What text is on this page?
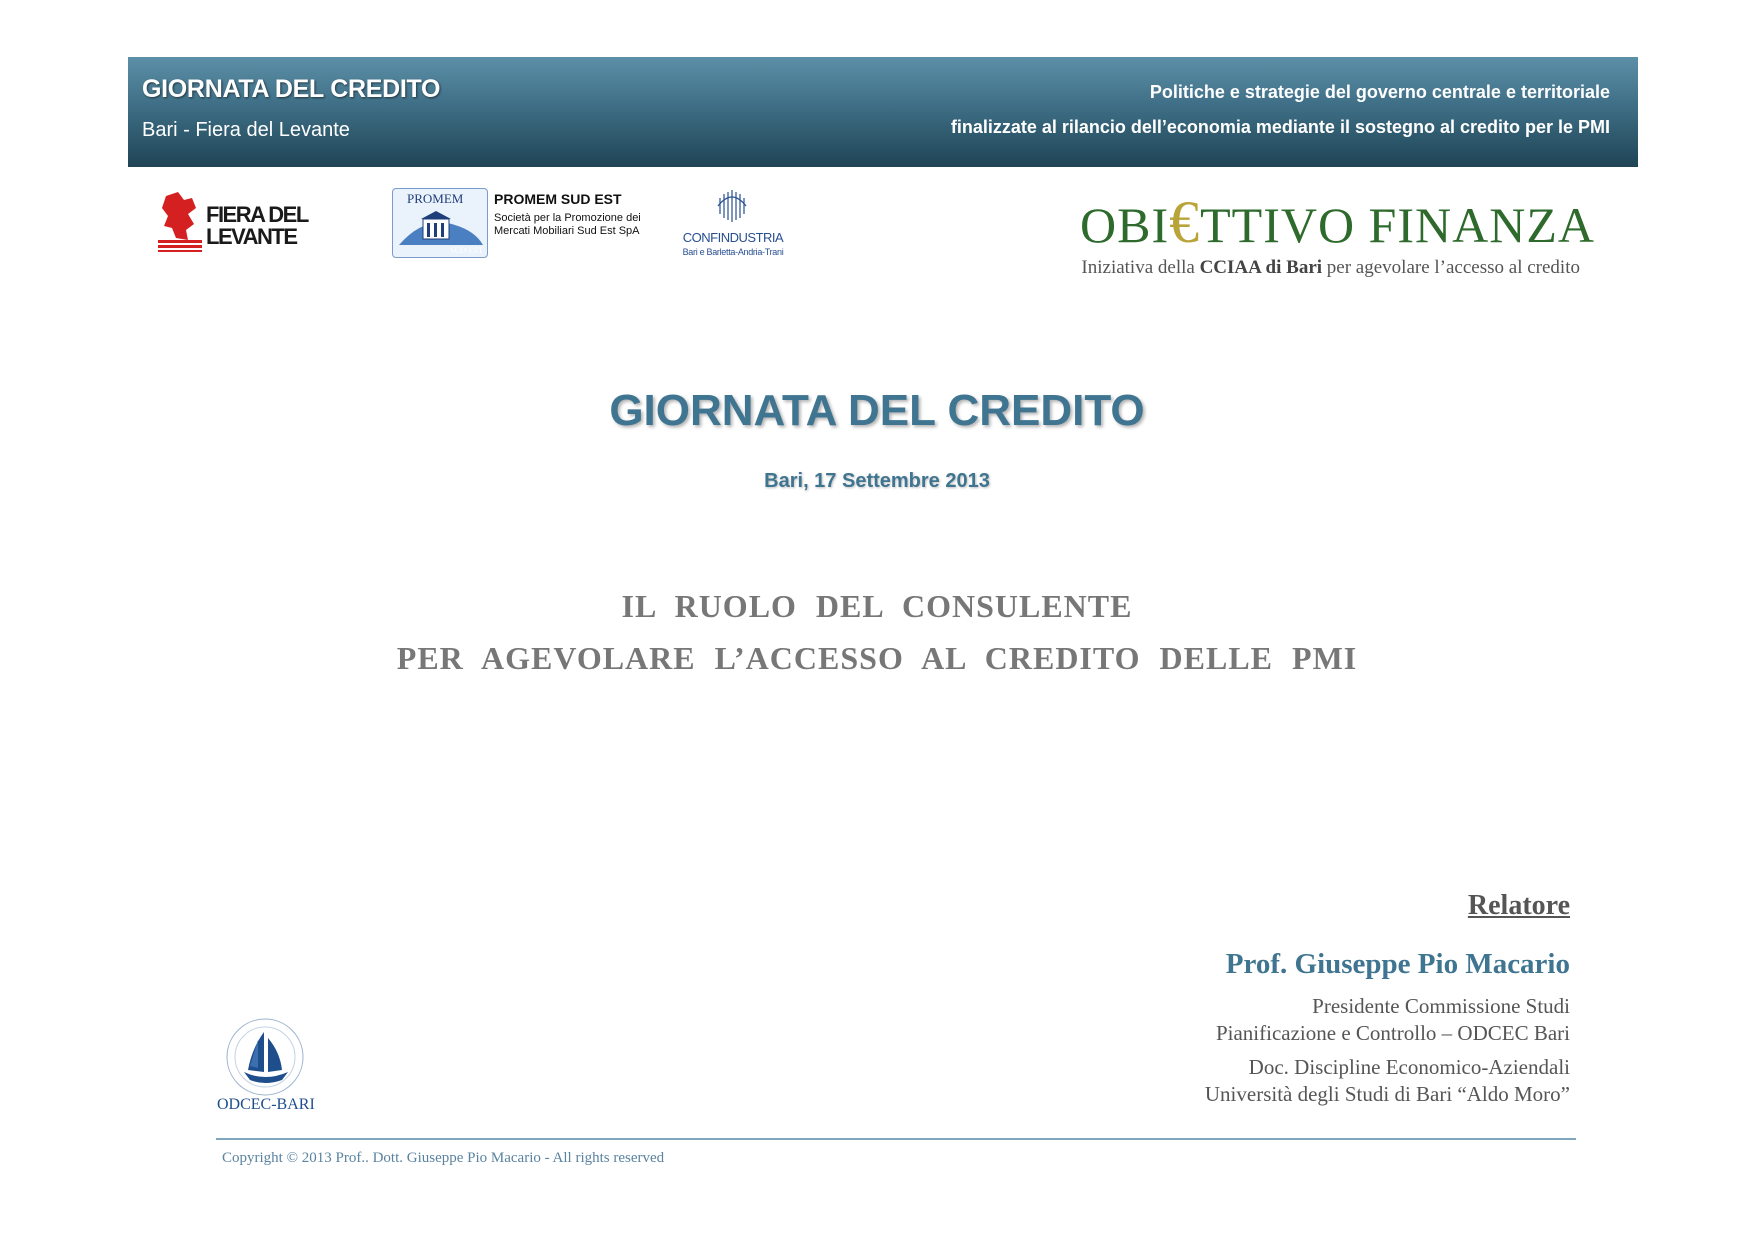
GIORNATA DEL CREDITO
Bari - Fiera del Levante
Politiche e strategie del governo centrale e territoriale
finalizzate al rilancio dell’economia mediante il sostegno al credito per le PMI
FIERA DEL LEVANTE
PROMEM
SUD-EST
PROMEM SUD EST
Società per la Promozione dei Mercati Mobiliari Sud Est SpA	CONFINDUSTRIA
Bari e Barletta-Andria-Trani	OBI€TTIVO FINANZA
Iniziativa della CCIAA di Bari per agevolare l’accesso al credito
GIORNATA DEL CREDITO
Bari, 17 Settembre 2013
IL RUOLO DEL CONSULENTE
PER AGEVOLARE L’ACCESSO AL CREDITO DELLE PMI
Relatore
Prof. Giuseppe Pio Macario
Presidente Commissione Studi
Pianificazione e Controllo – ODCEC Bari
Doc. Discipline Economico-Aziendali
Università degli Studi di Bari “Aldo Moro”
ODCEC-BARI
Copyright © 2013 Prof.. Dott. Giuseppe Pio Macario - All rights reserved
